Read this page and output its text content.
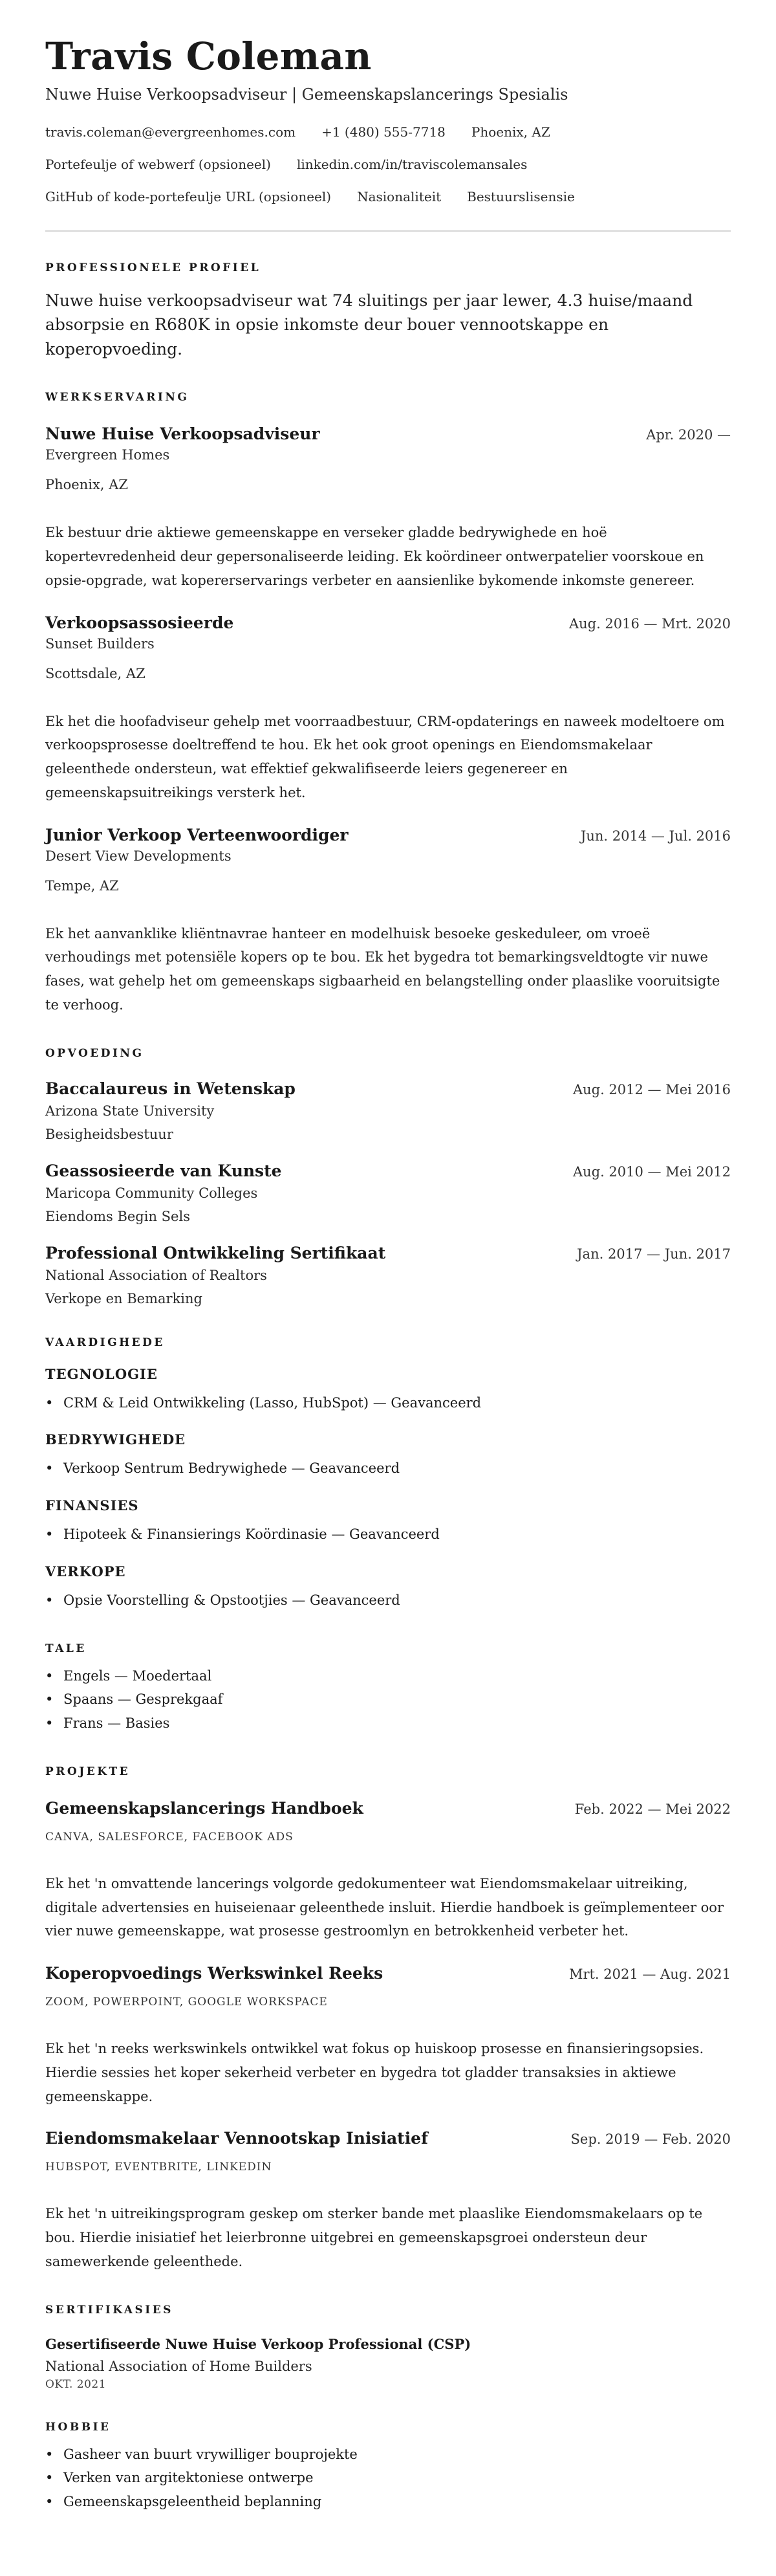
Travis Coleman
Nuwe Huise Verkoopsadviseur | Gemeenskapslancerings Spesialis
travis.coleman@evergreenhomes.com +1 (480) 555-7718 Phoenix, AZ
Portefeulje of webwerf (opsioneel) linkedin.com/in/traviscolemansales
GitHub of kode-portefeulje URL (opsioneel) Nasionaliteit Bestuurslisensie
PROFESSIONELE PROFIEL

Nuwe huise verkoopsadviseur wat 74 sluitings per jaar lewer, 4.3 huise/maand absorpsie en R680K in opsie inkomste deur bouer vennootskappe en koperopvoeding.

WERKSERVARING
Nuwe Huise Verkoopsadviseur	Apr. 2020 —
Evergreen Homes
Phoenix, AZ

Ek bestuur drie aktiewe gemeenskappe en verseker gladde bedrywighede en hoë kopertevredenheid deur gepersonaliseerde leiding. Ek koördineer ontwerpatelier voorskoue en opsie-opgrade, wat kopererservarings verbeter en aansienlike bykomende inkomste genereer.

Verkoopsassosieerde	Aug. 2016 — Mrt. 2020
Sunset Builders
Scottsdale, AZ

Ek het die hoofadviseur gehelp met voorraadbestuur, CRM-opdaterings en naweek modeltoere om verkoopsprosesse doeltreffend te hou. Ek het ook groot openings en Eiendomsmakelaar geleenthede ondersteun, wat effektief gekwalifiseerde leiers gegenereer en gemeenskapsuitreikings versterk het.

Junior Verkoop Verteenwoordiger	Jun. 2014 — Jul. 2016
Desert View Developments
Tempe, AZ

Ek het aanvanklike kliëntnavrae hanteer en modelhuisk besoeke geskeduleer, om vroeë verhoudings met potensiële kopers op te bou. Ek het bygedra tot bemarkingsveldtogte vir nuwe fases, wat gehelp het om gemeenskaps sigbaarheid en belangstelling onder plaaslike vooruitsigte te verhoog.

OPVOEDING
Baccalaureus in Wetenskap	Aug. 2012 — Mei 2016
Arizona State University
Besigheidsbestuur
Geassosieerde van Kunste	Aug. 2010 — Mei 2012
Maricopa Community Colleges
Eiendoms Begin Sels
Professional Ontwikkeling Sertifikaat	Jan. 2017 — Jun. 2017
National Association of Realtors
Verkope en Bemarking
VAARDIGHEDE
TEGNOLOGIE
• CRM & Leid Ontwikkeling (Lasso, HubSpot) — Geavanceerd
BEDRYWIGHEDE
• Verkoop Sentrum Bedrywighede — Geavanceerd
FINANSIES
• Hipoteek & Finansierings Koördinasie — Geavanceerd
VERKOPE
• Opsie Voorstelling & Opstootjies — Geavanceerd
TALE
• Engels — Moedertaal
• Spaans — Gesprekgaaf
• Frans — Basies
PROJEKTE
Gemeenskapslancerings Handboek	Feb. 2022 — Mei 2022
CANVA, SALESFORCE, FACEBOOK ADS

Ek het 'n omvattende lancerings volgorde gedokumenteer wat Eiendomsmakelaar uitreiking, digitale advertensies en huiseienaar geleenthede insluit. Hierdie handboek is geïmplementeer oor vier nuwe gemeenskappe, wat prosesse gestroomlyn en betrokkenheid verbeter het.

Koperopvoedings Werkswinkel Reeks	Mrt. 2021 — Aug. 2021
ZOOM, POWERPOINT, GOOGLE WORKSPACE

Ek het 'n reeks werkswinkels ontwikkel wat fokus op huiskoop prosesse en finansieringsopsies. Hierdie sessies het koper sekerheid verbeter en bygedra tot gladder transaksies in aktiewe gemeenskappe.

Eiendomsmakelaar Vennootskap Inisiatief	Sep. 2019 — Feb. 2020
HUBSPOT, EVENTBRITE, LINKEDIN

Ek het 'n uitreikingsprogram geskep om sterker bande met plaaslike Eiendomsmakelaars op te bou. Hierdie inisiatief het leierbronne uitgebrei en gemeenskapsgroei ondersteun deur samewerkende geleenthede.

SERTIFIKASIES
Gesertifiseerde Nuwe Huise Verkoop Professional (CSP)
National Association of Home Builders
OKT. 2021
HOBBIE
• Gasheer van buurt vrywilliger bouprojekte
• Verken van argitektoniese ontwerpe
• Gemeenskapsgeleentheid beplanning
